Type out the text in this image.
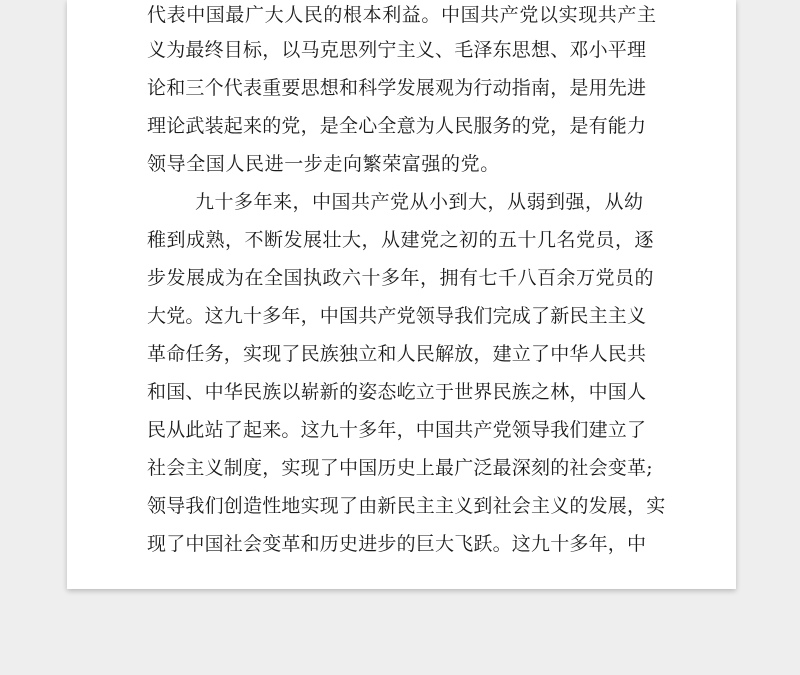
代表中国最广大人民的根本利益。中国共产党以实现共产主
义为最终目标，以马克思列宁主义、毛泽东思想、邓小平理
论和三个代表重要思想和科学发展观为行动指南，是用先进
理论武装起来的党，是全心全意为人民服务的党，是有能力
领导全国人民进一步走向繁荣富强的党。
九十多年来，中国共产党从小到大，从弱到强，从幼
稚到成熟，不断发展壮大，从建党之初的五十几名党员，逐
步发展成为在全国执政六十多年，拥有七千八百余万党员的
大党。这九十多年，中国共产党领导我们完成了新民主主义
革命任务，实现了民族独立和人民解放，建立了中华人民共
和国、中华民族以崭新的姿态屹立于世界民族之林，中国人
民从此站了起来。这九十多年，中国共产党领导我们建立了
社会主义制度，实现了中国历史上最广泛最深刻的社会变革;
领导我们创造性地实现了由新民主主义到社会主义的发展，实
现了中国社会变革和历史进步的巨大飞跃。这九十多年，中
